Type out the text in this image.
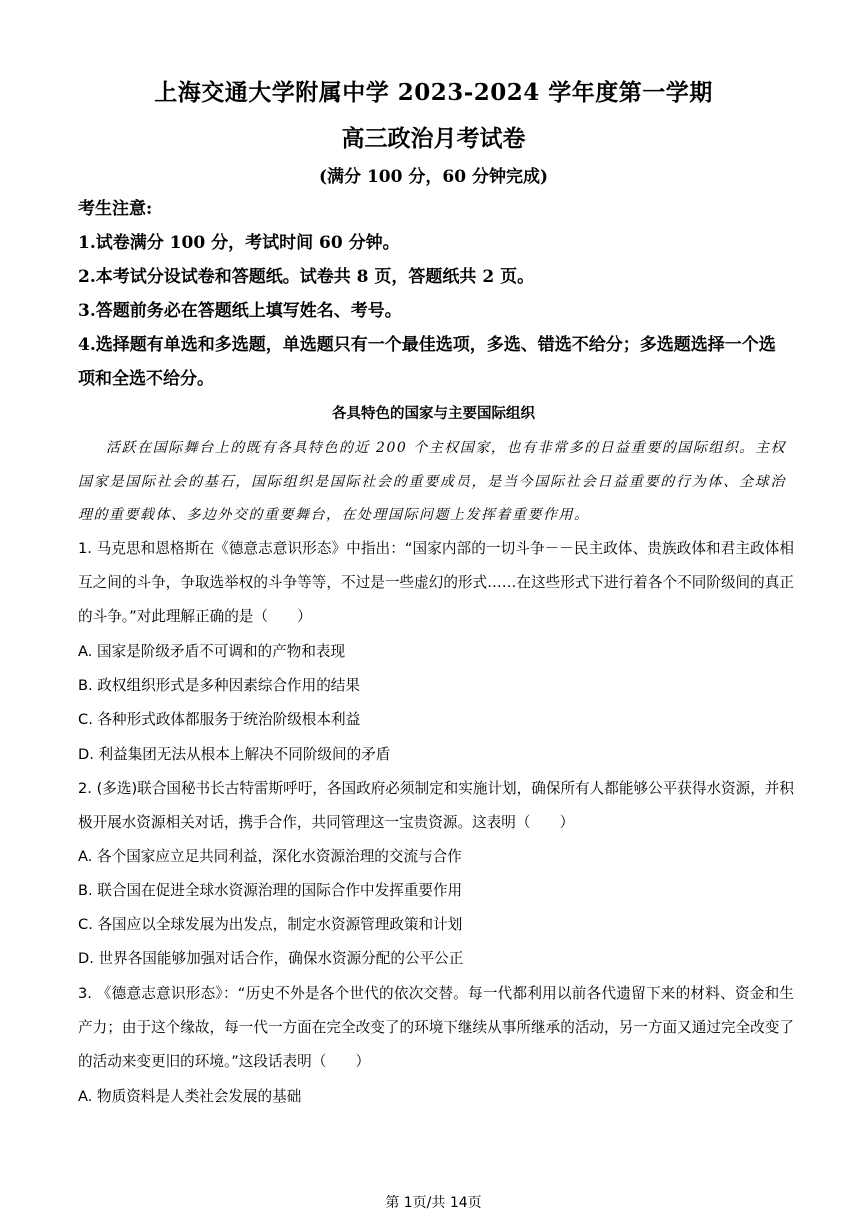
上海交通大学附属中学 2023-2024 学年度第一学期
高三政治月考试卷
(满分 100 分，60 分钟完成)
考生注意:
1.试卷满分 100 分，考试时间 60 分钟。
2.本考试分设试卷和答题纸。试卷共 8 页，答题纸共 2 页。
3.答题前务必在答题纸上填写姓名、考号。
4.选择题有单选和多选题，单选题只有一个最佳选项，多选、错选不给分；多选题选择一个选项和全选不给分。
各具特色的国家与主要国际组织
活跃在国际舞台上的既有各具特色的近 200 个主权国家，也有非常多的日益重要的国际组织。主权国家是国际社会的基石，国际组织是国际社会的重要成员，是当今国际社会日益重要的行为体、全球治理的重要载体、多边外交的重要舞台，在处理国际问题上发挥着重要作用。
1. 马克思和恩格斯在《德意志意识形态》中指出：“国家内部的一切斗争－－民主政体、贵族政体和君主政体相互之间的斗争，争取选举权的斗争等等，不过是一些虚幻的形式……在这些形式下进行着各个不同阶级间的真正的斗争。”对此理解正确的是（　　）
A. 国家是阶级矛盾不可调和的产物和表现
B. 政权组织形式是多种因素综合作用的结果
C. 各种形式政体都服务于统治阶级根本利益
D. 利益集团无法从根本上解决不同阶级间的矛盾
2. (多选)联合国秘书长古特雷斯呼吁，各国政府必须制定和实施计划，确保所有人都能够公平获得水资源，并积极开展水资源相关对话，携手合作，共同管理这一宝贵资源。这表明（　　）
A. 各个国家应立足共同利益，深化水资源治理的交流与合作
B. 联合国在促进全球水资源治理的国际合作中发挥重要作用
C. 各国应以全球发展为出发点，制定水资源管理政策和计划
D. 世界各国能够加强对话合作，确保水资源分配的公平公正
3. 《德意志意识形态》：“历史不外是各个世代的依次交替。每一代都利用以前各代遗留下来的材料、资金和生产力；由于这个缘故，每一代一方面在完全改变了的环境下继续从事所继承的活动，另一方面又通过完全改变了的活动来变更旧的环境。”这段话表明（　　）
A. 物质资料是人类社会发展的基础
第 1页/共 14页
